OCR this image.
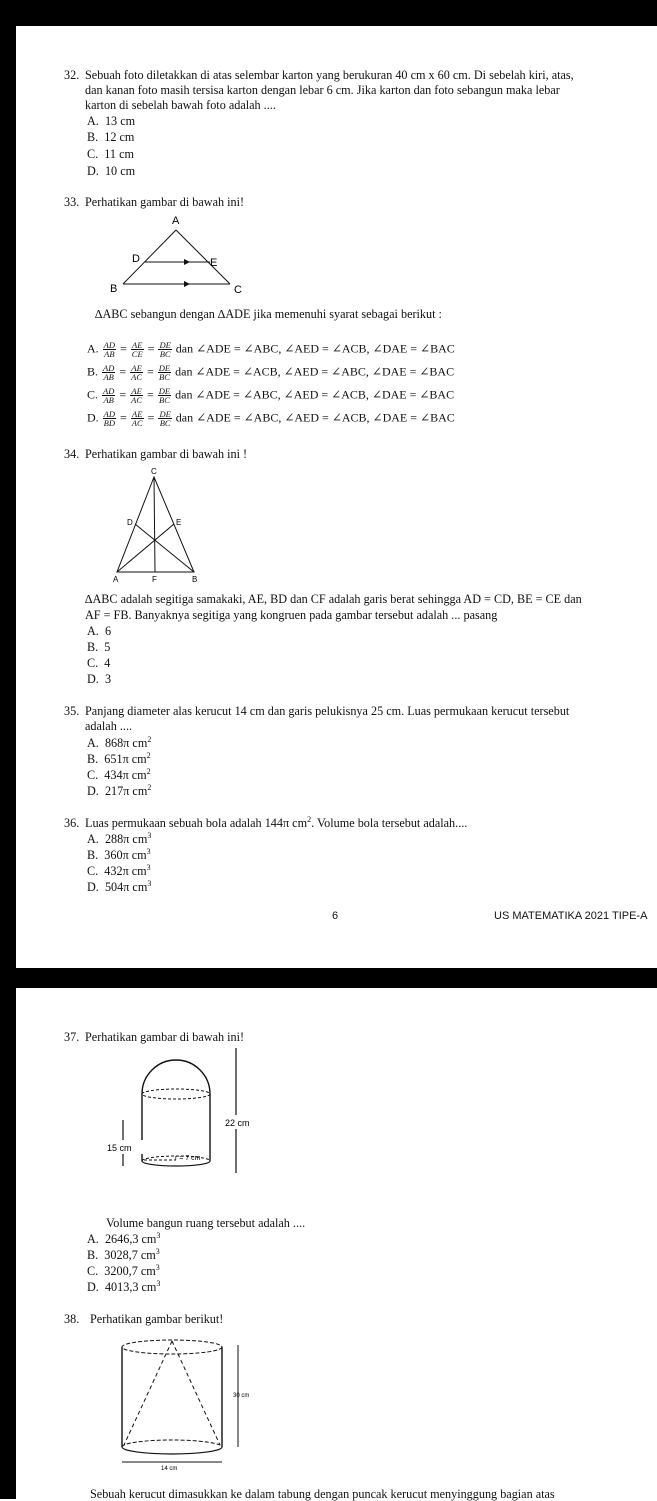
32. Sebuah foto diletakkan di atas selembar karton yang berukuran 40 cm x 60 cm. Di sebelah kiri, atas,
dan kanan foto masih tersisa karton dengan lebar 6 cm. Jika karton dan foto sebangun maka lebar
karton di sebelah bawah foto adalah ....
A. 13 cm
B. 12 cm
C. 11 cm
D. 10 cm
33. Perhatikan gambar di bawah ini!
A
D	E
B	C
∆ABC sebangun dengan ∆ADE jika memenuhi syarat sebagai berikut :
A. $\frac{AD}{AB} = \frac{AE}{CE} = \frac{DE}{BC}$ dan ∠ADE = ∠ABC, ∠AED = ∠ACB, ∠DAE = ∠BAC
B. $\frac{AD}{AB} = \frac{AE}{AC} = \frac{DE}{BC}$ dan ∠ADE = ∠ACB, ∠AED = ∠ABC, ∠DAE = ∠BAC
C. $\frac{AD}{AB} = \frac{AE}{AC} = \frac{DE}{BC}$ dan ∠ADE = ∠ABC, ∠AED = ∠ACB, ∠DAE = ∠BAC
D. $\frac{AD}{BD} = \frac{AE}{AC} = \frac{DE}{BC}$ dan ∠ADE = ∠ABC, ∠AED = ∠ACB, ∠DAE = ∠BAC
34. Perhatikan gambar di bawah ini !
C
D	E
A	F	B
∆ABC adalah segitiga samakaki, AE, BD dan CF adalah garis berat sehingga AD = CD, BE = CE dan
AF = FB. Banyaknya segitiga yang kongruen pada gambar tersebut adalah ... pasang
A. 6
B. 5
C. 4
D. 3
35. Panjang diameter alas kerucut 14 cm dan garis pelukisnya 25 cm. Luas permukaan kerucut tersebut
adalah ....
A. 868π $cm^2$
B. 651π $cm^2$
C. 434π $cm^2$
D. 217π $cm^2$
36. Luas permukaan sebuah bola adalah 144π $cm^2$. Volume bola tersebut adalah....
A. 288π $cm^3$
B. 360π $cm^3$
C. 432π $cm^3$
D. 504π $cm^3$
6	US MATEMATIKA 2021 TIPE-A
37. Perhatikan gambar di bawah ini!
15 cm
22 cm
r = 7 cm
Volume bangun ruang tersebut adalah ....
A. 2646,3 $cm^3$
B. 3028,7 $cm^3$
C. 3200,7 $cm^3$
D. 4013,3 $cm^3$
38. Perhatikan gambar berikut!
30 cm
14 cm
Sebuah kerucut dimasukkan ke dalam tabung dengan puncak kerucut menyinggung bagian atas
